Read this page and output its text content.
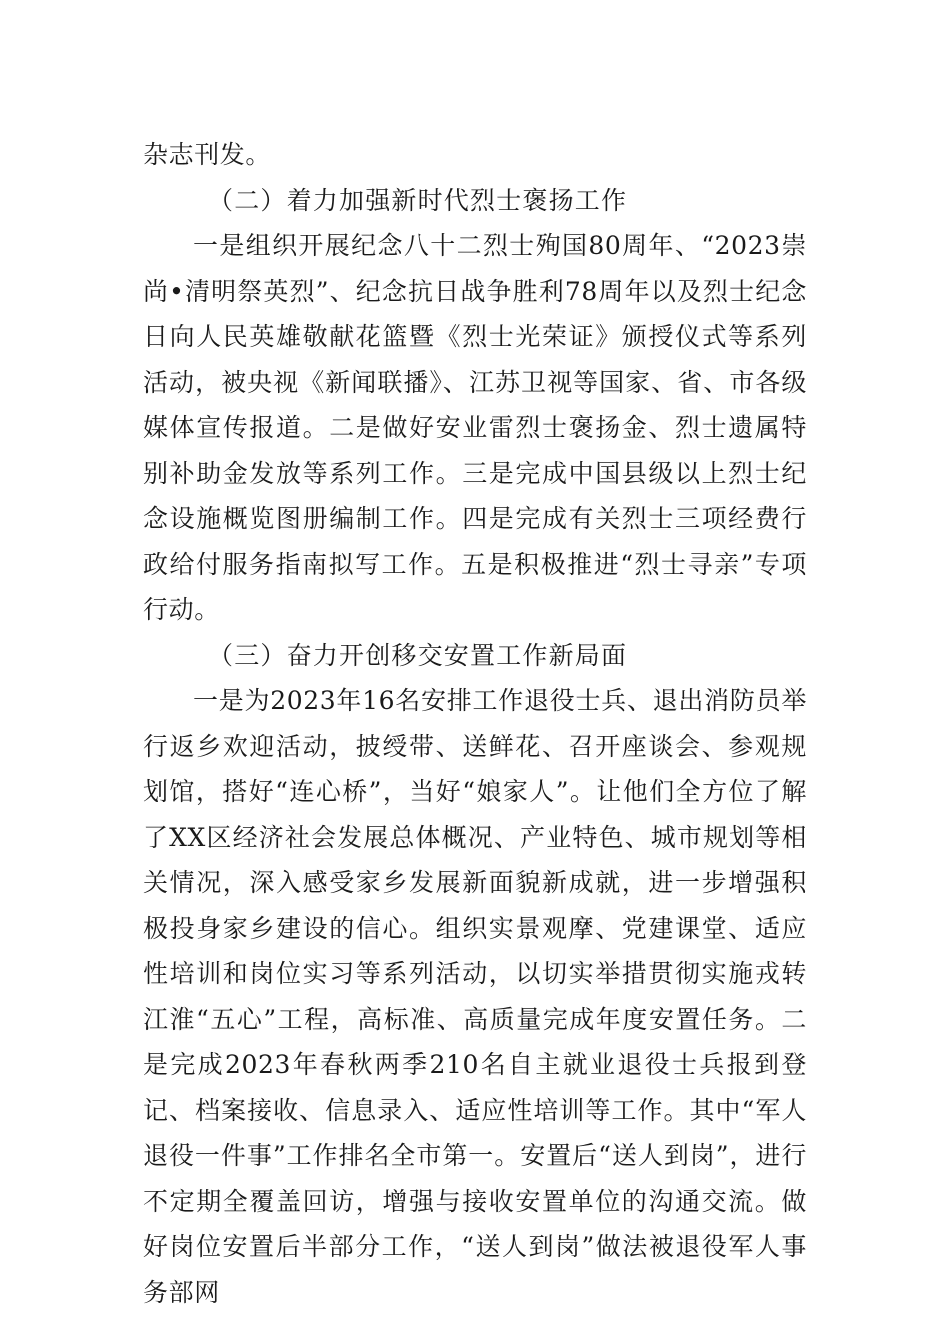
杂志刊发。

（二）着力加强新时代烈士褒扬工作

一是组织开展纪念八十二烈士殉国80周年、“2023崇尚•清明祭英烈”、纪念抗日战争胜利78周年以及烈士纪念日向人民英雄敬献花篮暨《烈士光荣证》颁授仪式等系列活动，被央视《新闻联播》、江苏卫视等国家、省、市各级媒体宣传报道。二是做好安业雷烈士褒扬金、烈士遗属特别补助金发放等系列工作。三是完成中国县级以上烈士纪念设施概览图册编制工作。四是完成有关烈士三项经费行政给付服务指南拟写工作。五是积极推进“烈士寻亲”专项行动。

（三）奋力开创移交安置工作新局面

一是为2023年16名安排工作退役士兵、退出消防员举行返乡欢迎活动，披绶带、送鲜花、召开座谈会、参观规划馆，搭好“连心桥”，当好“娘家人”。让他们全方位了解了XX区经济社会发展总体概况、产业特色、城市规划等相关情况，深入感受家乡发展新面貌新成就，进一步增强积极投身家乡建设的信心。组织实景观摩、党建课堂、适应性培训和岗位实习等系列活动，以切实举措贯彻实施戎转江淮“五心”工程，高标准、高质量完成年度安置任务。二是完成2023年春秋两季210名自主就业退役士兵报到登记、档案接收、信息录入、适应性培训等工作。其中“军人退役一件事”工作排名全市第一。安置后“送人到岗”，进行不定期全覆盖回访，增强与接收安置单位的沟通交流。做好岗位安置后半部分工作，“送人到岗”做法被退役军人事务部网
